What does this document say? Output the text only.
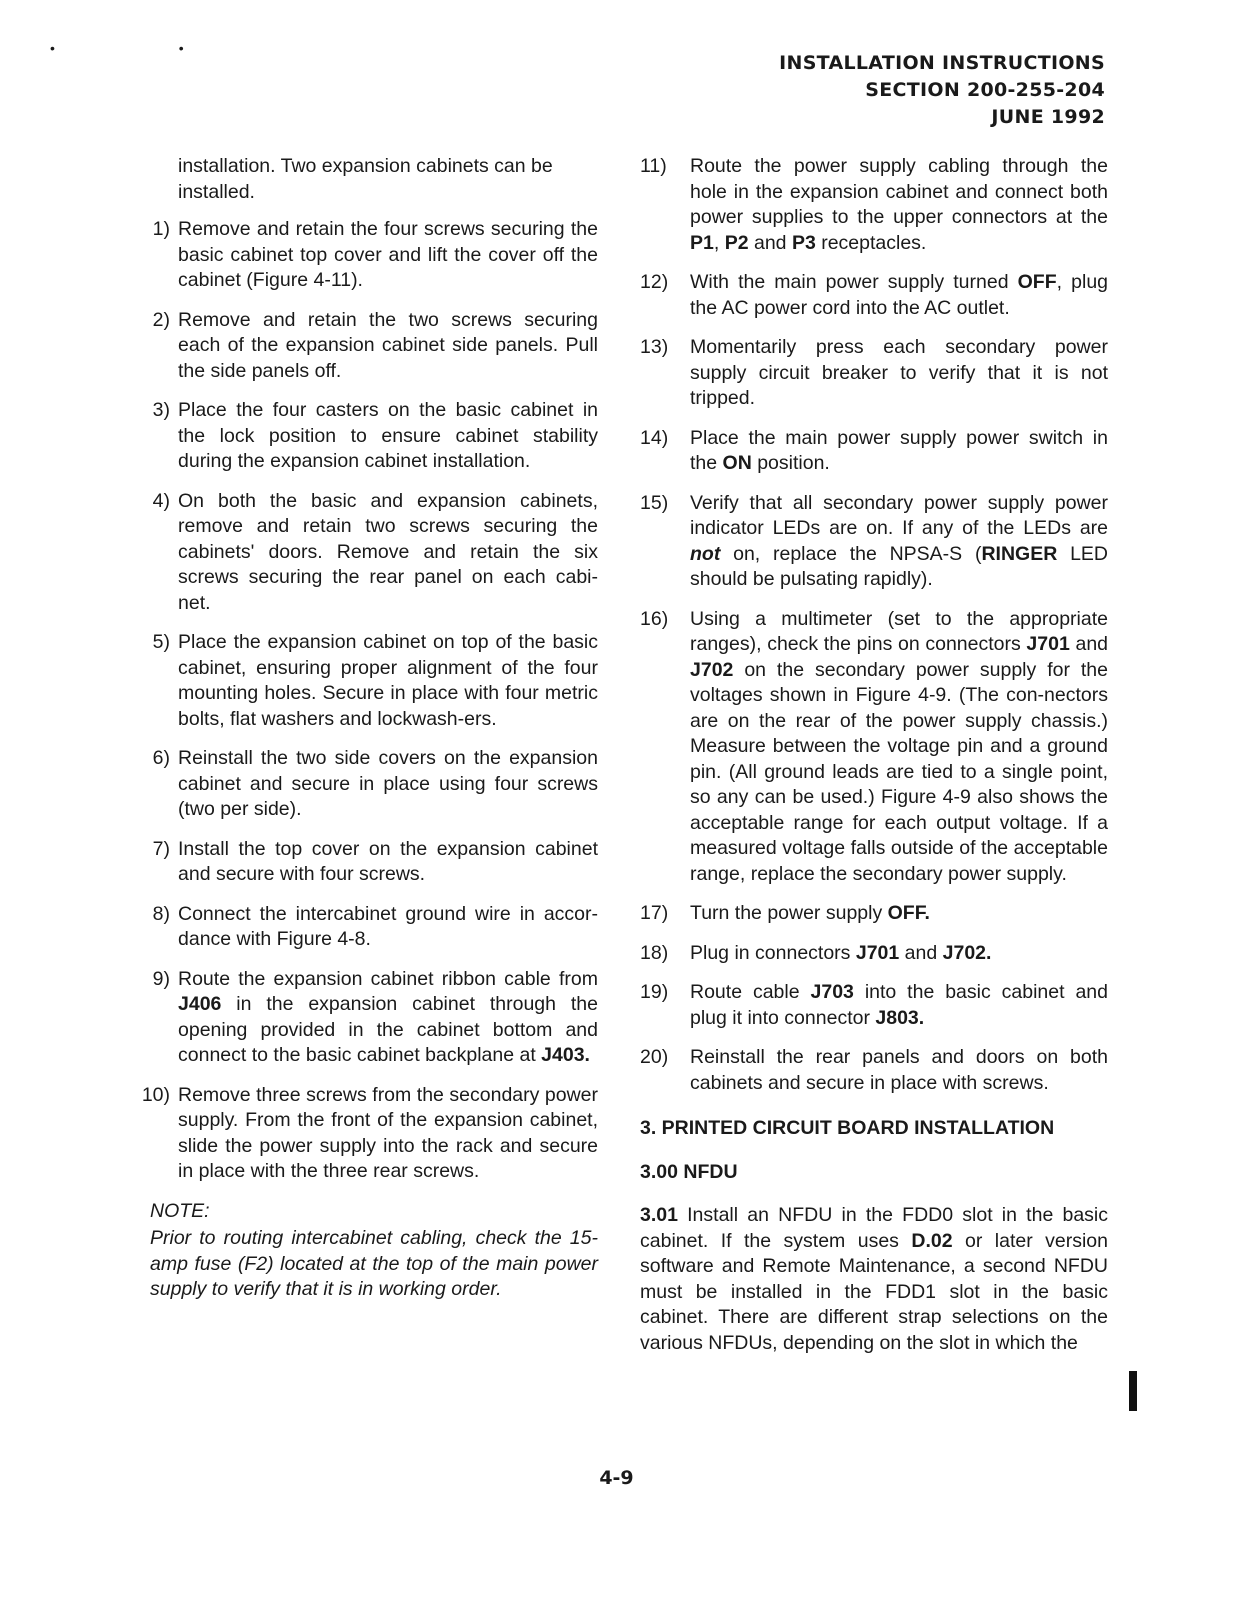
• •
INSTALLATION INSTRUCTIONS
SECTION 200-255-204
JUNE 1992
installation. Two expansion cabinets can be installed.
1) Remove and retain the four screws securing the basic cabinet top cover and lift the cover off the cabinet (Figure 4-11).
2) Remove and retain the two screws securing each of the expansion cabinet side panels. Pull the side panels off.
3) Place the four casters on the basic cabinet in the lock position to ensure cabinet stability during the expansion cabinet installation.
4) On both the basic and expansion cabinets, remove and retain two screws securing the cabinets' doors. Remove and retain the six screws securing the rear panel on each cabi-net.
5) Place the expansion cabinet on top of the basic cabinet, ensuring proper alignment of the four mounting holes. Secure in place with four metric bolts, flat washers and lockwash-ers.
6) Reinstall the two side covers on the expansion cabinet and secure in place using four screws (two per side).
7) Install the top cover on the expansion cabinet and secure with four screws.
8) Connect the intercabinet ground wire in accor-dance with Figure 4-8.
9) Route the expansion cabinet ribbon cable from J406 in the expansion cabinet through the opening provided in the cabinet bottom and connect to the basic cabinet backplane at J403.
10) Remove three screws from the secondary power supply. From the front of the expansion cabinet, slide the power supply into the rack and secure in place with the three rear screws.
NOTE:
Prior to routing intercabinet cabling, check the 15-amp fuse (F2) located at the top of the main power supply to verify that it is in working order.
11)	Route the power supply cabling through the hole in the expansion cabinet and connect both power supplies to the upper connectors at the P1, P2 and P3 receptacles.
12)	With the main power supply turned OFF, plug the AC power cord into the AC outlet.
13)	Momentarily press each secondary power supply circuit breaker to verify that it is not tripped.
14)	Place the main power supply power switch in the ON position.
15)	Verify that all secondary power supply power indicator LEDs are on. If any of the LEDs are not on, replace the NPSA-S (RINGER LED should be pulsating rapidly).
16)	Using a multimeter (set to the appropriate ranges), check the pins on connectors J701 and J702 on the secondary power supply for the voltages shown in Figure 4-9. (The con-nectors are on the rear of the power supply chassis.) Measure between the voltage pin and a ground pin. (All ground leads are tied to a single point, so any can be used.) Figure 4-9 also shows the acceptable range for each output voltage. If a measured voltage falls outside of the acceptable range, replace the secondary power supply.
17)	Turn the power supply OFF.
18)	Plug in connectors J701 and J702.
19)	Route cable J703 into the basic cabinet and plug it into connector J803.
20)	Reinstall the rear panels and doors on both cabinets and secure in place with screws.
3. PRINTED CIRCUIT BOARD INSTALLATION
3.00 NFDU
3.01 Install an NFDU in the FDD0 slot in the basic cabinet. If the system uses D.02 or later version software and Remote Maintenance, a second NFDU must be installed in the FDD1 slot in the basic cabinet. There are different strap selections on the various NFDUs, depending on the slot in which the
4-9
